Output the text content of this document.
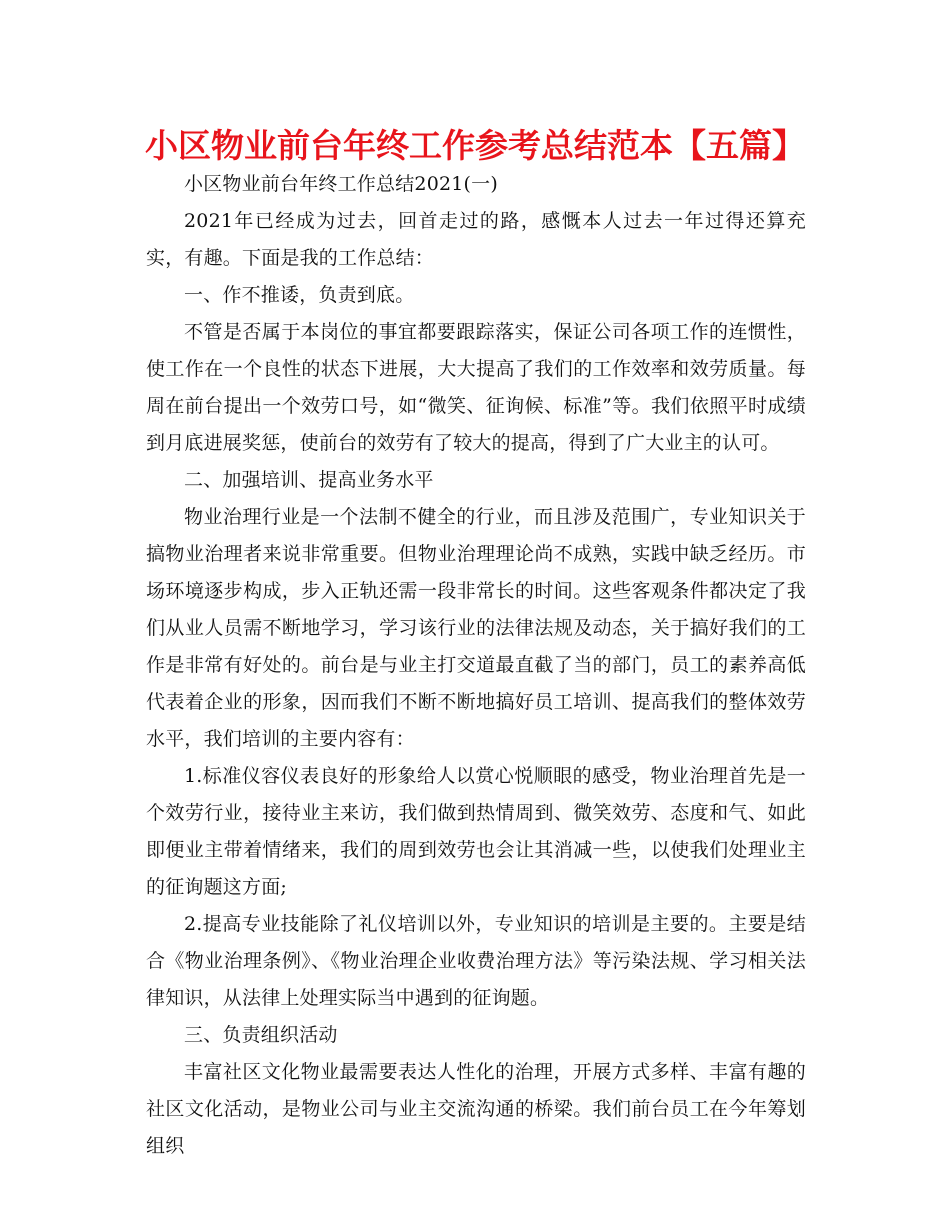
小区物业前台年终工作参考总结范本【五篇】

小区物业前台年终工作总结2021(一)

2021年已经成为过去，回首走过的路，感慨本人过去一年过得还算充实，有趣。下面是我的工作总结：

一、作不推诿，负责到底。

不管是否属于本岗位的事宜都要跟踪落实，保证公司各项工作的连惯性，使工作在一个良性的状态下进展，大大提高了我们的工作效率和效劳质量。每周在前台提出一个效劳口号，如“微笑、征询候、标准”等。我们依照平时成绩到月底进展奖惩，使前台的效劳有了较大的提高，得到了广大业主的认可。

二、加强培训、提高业务水平

物业治理行业是一个法制不健全的行业，而且涉及范围广，专业知识关于搞物业治理者来说非常重要。但物业治理理论尚不成熟，实践中缺乏经历。市场环境逐步构成，步入正轨还需一段非常长的时间。这些客观条件都决定了我们从业人员需不断地学习，学习该行业的法律法规及动态，关于搞好我们的工作是非常有好处的。前台是与业主打交道最直截了当的部门，员工的素养高低代表着企业的形象，因而我们不断不断地搞好员工培训、提高我们的整体效劳水平，我们培训的主要内容有：

1.标准仪容仪表良好的形象给人以赏心悦顺眼的感受，物业治理首先是一个效劳行业，接待业主来访，我们做到热情周到、微笑效劳、态度和气、如此即便业主带着情绪来，我们的周到效劳也会让其消减一些，以使我们处理业主的征询题这方面;

2.提高专业技能除了礼仪培训以外，专业知识的培训是主要的。主要是结合《物业治理条例》、《物业治理企业收费治理方法》等污染法规、学习相关法律知识，从法律上处理实际当中遇到的征询题。

三、负责组织活动

丰富社区文化物业最需要表达人性化的治理，开展方式多样、丰富有趣的社区文化活动，是物业公司与业主交流沟通的桥梁。我们前台员工在今年筹划组织
